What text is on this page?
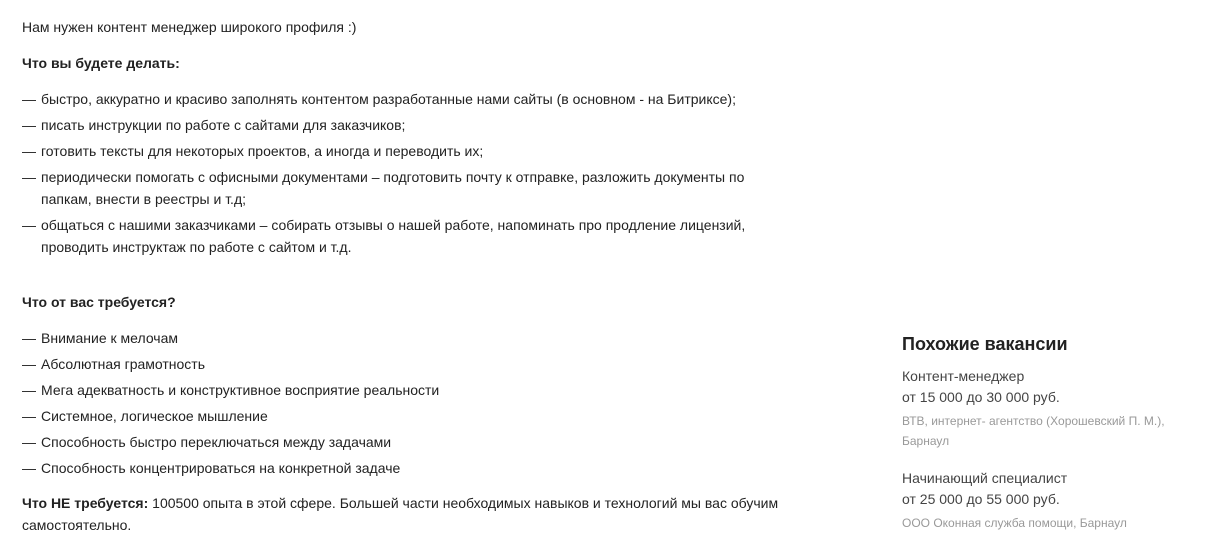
Нам нужен контент менеджер широкого профиля :)
Что вы будете делать:
— быстро, аккуратно и красиво заполнять контентом разработанные нами сайты (в основном - на Битриксе);
— писать инструкции по работе с сайтами для заказчиков;
— готовить тексты для некоторых проектов, а иногда и переводить их;
— периодически помогать с офисными документами – подготовить почту к отправке, разложить документы по папкам, внести в реестры и т.д;
— общаться с нашими заказчиками – собирать отзывы о нашей работе, напоминать про продление лицензий, проводить инструктаж по работе с сайтом и т.д.
Что от вас требуется?
— Внимание к мелочам
— Абсолютная грамотность
— Мега адекватность и конструктивное восприятие реальности
— Системное, логическое мышление
— Способность быстро переключаться между задачами
— Способность концентрироваться на конкретной задаче
Что НЕ требуется: 100500 опыта в этой сфере. Большей части необходимых навыков и технологий мы вас обучим самостоятельно.
Похожие вакансии
Контент-менеджер
от 15 000 до 30 000 руб.
ВТВ, интернет- агентство (Хорошевский П. М.), Барнаул
Начинающий специалист
от 25 000 до 55 000 руб.
ООО Оконная служба помощи, Барнаул
